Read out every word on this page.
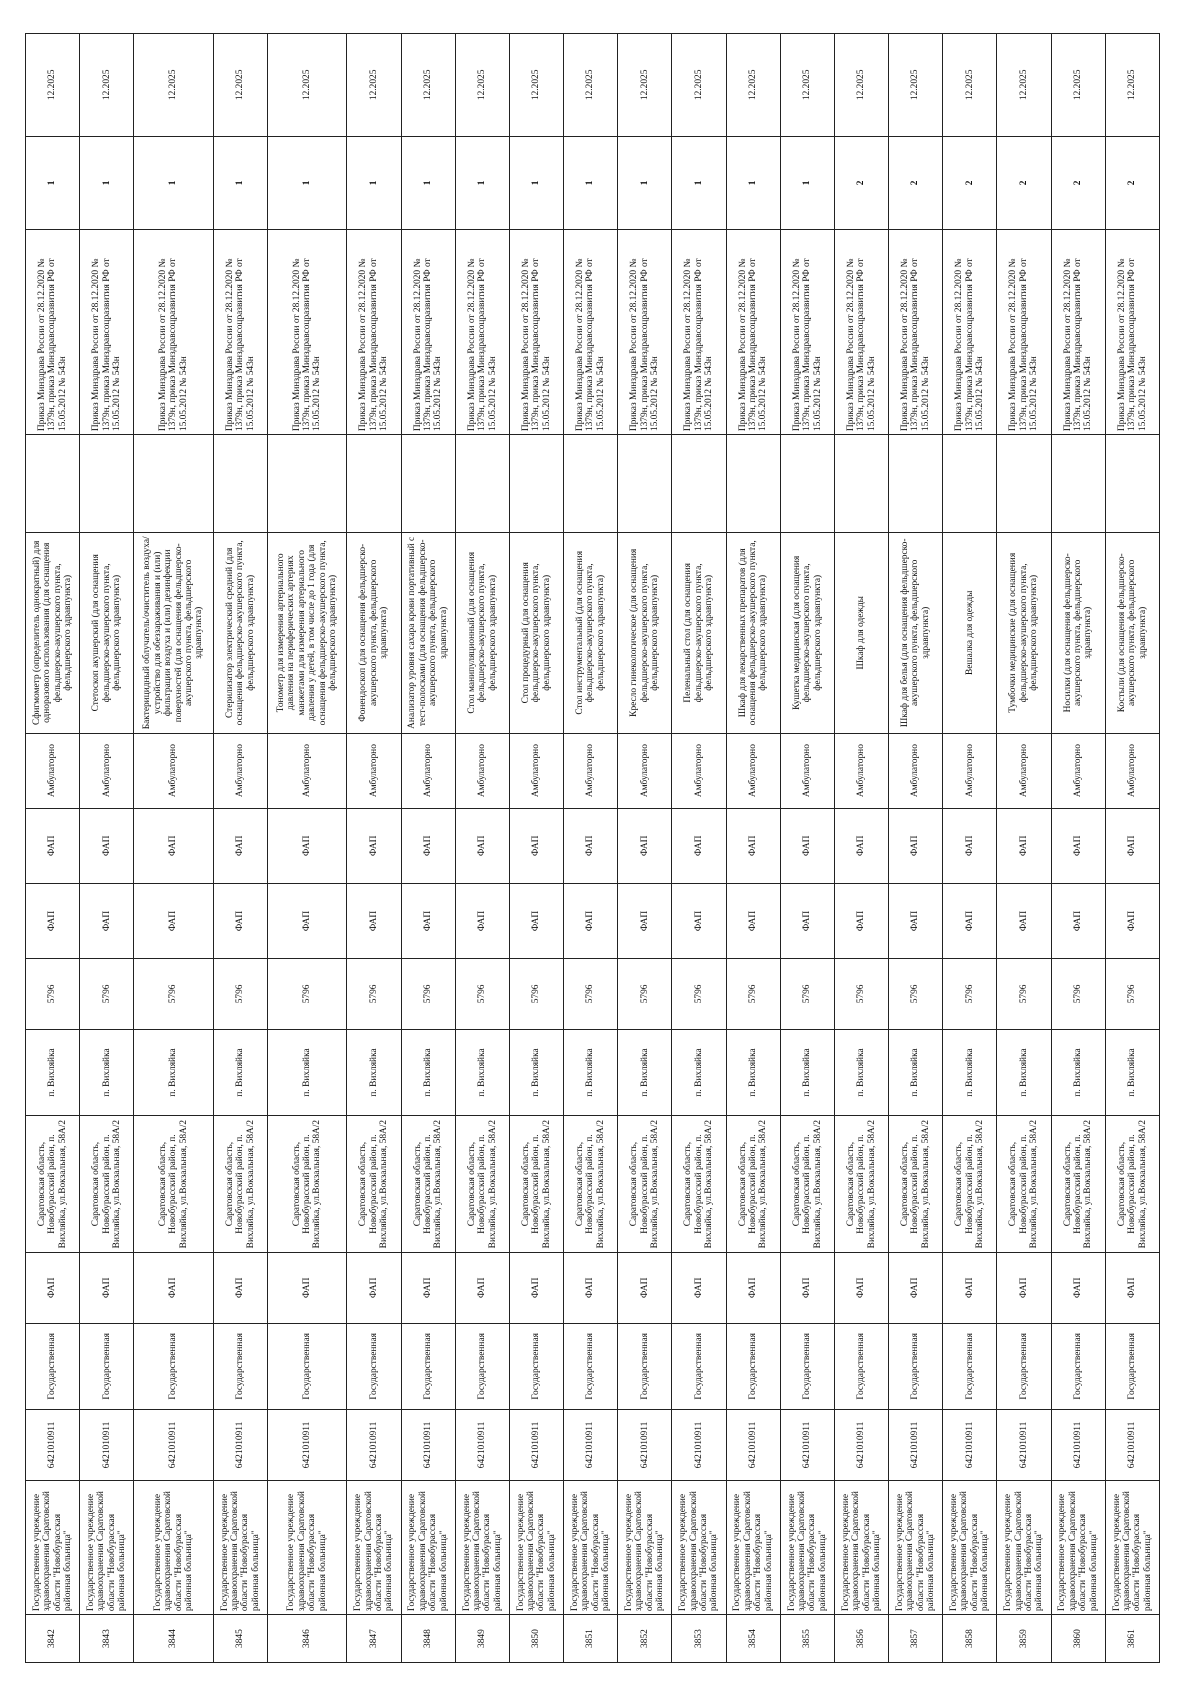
3842	Государственное учреждение здравоохранения Саратовской области "Новобурасская районная больница"	6421010911	Государственная	ФАП	Саратовская область, Новобурасский район, п. Вихляйка, ул.Вокзальная, 58А/2	п. Вихляйка	5796	ФАП	ФАП	Амбулаторно	Сфигмометр (определитель однократный) для одноразового использования (для оснащения фельдшерско-акушерского пункта, фельдшерского здравпункта)		Приказ Минздрава России от 28.12.2020 № 1379н, приказ Минздравсоцразвития РФ от 15.05.2012 № 543н	1	12.2025
3843	Государственное учреждение здравоохранения Саратовской области "Новобурасская районная больница"	6421010911	Государственная	ФАП	Саратовская область, Новобурасский район, п. Вихляйка, ул.Вокзальная, 58А/2	п. Вихляйка	5796	ФАП	ФАП	Амбулаторно	Стетоскоп акушерский (для оснащения фельдшерско-акушерского пункта, фельдшерского здравпункта)		Приказ Минздрава России от 28.12.2020 № 1379н, приказ Минздравсоцразвития РФ от 15.05.2012 № 543н	1	12.2025
3844	Государственное учреждение здравоохранения Саратовской области "Новобурасская районная больница"	6421010911	Государственная	ФАП	Саратовская область, Новобурасский район, п. Вихляйка, ул.Вокзальная, 58А/2	п. Вихляйка	5796	ФАП	ФАП	Амбулаторно	Бактерицидный облучатель/очиститель воздуха/устройство для обеззараживания и (или) фильтрации воздуха и (или) дезинфекции поверхностей (для оснащения фельдшерско-акушерского пункта, фельдшерского здравпункта)		Приказ Минздрава России от 28.12.2020 № 1379н, приказ Минздравсоцразвития РФ от 15.05.2012 № 543н	1	12.2025
3845	Государственное учреждение здравоохранения Саратовской области "Новобурасская районная больница"	6421010911	Государственная	ФАП	Саратовская область, Новобурасский район, п. Вихляйка, ул.Вокзальная, 58А/2	п. Вихляйка	5796	ФАП	ФАП	Амбулаторно	Стерилизатор электрический средний (для оснащения фельдшерско-акушерского пункта, фельдшерского здравпункта)		Приказ Минздрава России от 28.12.2020 № 1379н, приказ Минздравсоцразвития РФ от 15.05.2012 № 543н	1	12.2025
3846	Государственное учреждение здравоохранения Саратовской области "Новобурасская районная больница"	6421010911	Государственная	ФАП	Саратовская область, Новобурасский район, п. Вихляйка, ул.Вокзальная, 58А/2	п. Вихляйка	5796	ФАП	ФАП	Амбулаторно	Тонометр для измерения артериального давления на периферических артериях манжетами для измерения артериального давления у детей, в том числе до 1 года (для оснащения фельдшерско-акушерского пункта, фельдшерского здравпункта)		Приказ Минздрава России от 28.12.2020 № 1379н, приказ Минздравсоцразвития РФ от 15.05.2012 № 543н	1	12.2025
3847	Государственное учреждение здравоохранения Саратовской области "Новобурасская районная больница"	6421010911	Государственная	ФАП	Саратовская область, Новобурасский район, п. Вихляйка, ул.Вокзальная, 58А/2	п. Вихляйка	5796	ФАП	ФАП	Амбулаторно	Фонендоскоп (для оснащения фельдшерско-акушерского пункта, фельдшерского здравпункта)		Приказ Минздрава России от 28.12.2020 № 1379н, приказ Минздравсоцразвития РФ от 15.05.2012 № 543н	1	12.2025
3848	Государственное учреждение здравоохранения Саратовской области "Новобурасская районная больница"	6421010911	Государственная	ФАП	Саратовская область, Новобурасский район, п. Вихляйка, ул.Вокзальная, 58А/2	п. Вихляйка	5796	ФАП	ФАП	Амбулаторно	Анализатор уровня сахара крови портативный с тест-полосками (для оснащения фельдшерско-акушерского пункта, фельдшерского здравпункта)		Приказ Минздрава России от 28.12.2020 № 1379н, приказ Минздравсоцразвития РФ от 15.05.2012 № 543н	1	12.2025
3849	Государственное учреждение здравоохранения Саратовской области "Новобурасская районная больница"	6421010911	Государственная	ФАП	Саратовская область, Новобурасский район, п. Вихляйка, ул.Вокзальная, 58А/2	п. Вихляйка	5796	ФАП	ФАП	Амбулаторно	Стол манипуляционный (для оснащения фельдшерско-акушерского пункта, фельдшерского здравпункта)		Приказ Минздрава России от 28.12.2020 № 1379н, приказ Минздравсоцразвития РФ от 15.05.2012 № 543н	1	12.2025
3850	Государственное учреждение здравоохранения Саратовской области "Новобурасская районная больница"	6421010911	Государственная	ФАП	Саратовская область, Новобурасский район, п. Вихляйка, ул.Вокзальная, 58А/2	п. Вихляйка	5796	ФАП	ФАП	Амбулаторно	Стол процедурный (для оснащения фельдшерско-акушерского пункта, фельдшерского здравпункта)		Приказ Минздрава России от 28.12.2020 № 1379н, приказ Минздравсоцразвития РФ от 15.05.2012 № 543н	1	12.2025
3851	Государственное учреждение здравоохранения Саратовской области "Новобурасская районная больница"	6421010911	Государственная	ФАП	Саратовская область, Новобурасский район, п. Вихляйка, ул.Вокзальная, 58А/2	п. Вихляйка	5796	ФАП	ФАП	Амбулаторно	Стол инструментальный (для оснащения фельдшерско-акушерского пункта, фельдшерского здравпункта)		Приказ Минздрава России от 28.12.2020 № 1379н, приказ Минздравсоцразвития РФ от 15.05.2012 № 543н	1	12.2025
3852	Государственное учреждение здравоохранения Саратовской области "Новобурасская районная больница"	6421010911	Государственная	ФАП	Саратовская область, Новобурасский район, п. Вихляйка, ул.Вокзальная, 58А/2	п. Вихляйка	5796	ФАП	ФАП	Амбулаторно	Кресло гинекологическое (для оснащения фельдшерско-акушерского пункта, фельдшерского здравпункта)		Приказ Минздрава России от 28.12.2020 № 1379н, приказ Минздравсоцразвития РФ от 15.05.2012 № 543н	1	12.2025
3853	Государственное учреждение здравоохранения Саратовской области "Новобурасская районная больница"	6421010911	Государственная	ФАП	Саратовская область, Новобурасский район, п. Вихляйка, ул.Вокзальная, 58А/2	п. Вихляйка	5796	ФАП	ФАП	Амбулаторно	Пеленальный стол (для оснащения фельдшерско-акушерского пункта, фельдшерского здравпункта)		Приказ Минздрава России от 28.12.2020 № 1379н, приказ Минздравсоцразвития РФ от 15.05.2012 № 543н	1	12.2025
3854	Государственное учреждение здравоохранения Саратовской области "Новобурасская районная больница"	6421010911	Государственная	ФАП	Саратовская область, Новобурасский район, п. Вихляйка, ул.Вокзальная, 58А/2	п. Вихляйка	5796	ФАП	ФАП	Амбулаторно	Шкаф для лекарственных препаратов (для оснащения фельдшерско-акушерского пункта, фельдшерского здравпункта)		Приказ Минздрава России от 28.12.2020 № 1379н, приказ Минздравсоцразвития РФ от 15.05.2012 № 543н	1	12.2025
3855	Государственное учреждение здравоохранения Саратовской области "Новобурасская районная больница"	6421010911	Государственная	ФАП	Саратовская область, Новобурасский район, п. Вихляйка, ул.Вокзальная, 58А/2	п. Вихляйка	5796	ФАП	ФАП	Амбулаторно	Кушетка медицинская (для оснащения фельдшерско-акушерского пункта, фельдшерского здравпункта)		Приказ Минздрава России от 28.12.2020 № 1379н, приказ Минздравсоцразвития РФ от 15.05.2012 № 543н	1	12.2025
3856	Государственное учреждение здравоохранения Саратовской области "Новобурасская районная больница"	6421010911	Государственная	ФАП	Саратовская область, Новобурасский район, п. Вихляйка, ул.Вокзальная, 58А/2	п. Вихляйка	5796	ФАП	ФАП	Амбулаторно	Шкаф для одежды		Приказ Минздрава России от 28.12.2020 № 1379н, приказ Минздравсоцразвития РФ от 15.05.2012 № 543н	2	12.2025
3857	Государственное учреждение здравоохранения Саратовской области "Новобурасская районная больница"	6421010911	Государственная	ФАП	Саратовская область, Новобурасский район, п. Вихляйка, ул.Вокзальная, 58А/2	п. Вихляйка	5796	ФАП	ФАП	Амбулаторно	Шкаф для белья (для оснащения фельдшерско-акушерского пункта, фельдшерского здравпункта)		Приказ Минздрава России от 28.12.2020 № 1379н, приказ Минздравсоцразвития РФ от 15.05.2012 № 543н	2	12.2025
3858	Государственное учреждение здравоохранения Саратовской области "Новобурасская районная больница"	6421010911	Государственная	ФАП	Саратовская область, Новобурасский район, п. Вихляйка, ул.Вокзальная, 58А/2	п. Вихляйка	5796	ФАП	ФАП	Амбулаторно	Вешалка для одежды		Приказ Минздрава России от 28.12.2020 № 1379н, приказ Минздравсоцразвития РФ от 15.05.2012 № 543н	2	12.2025
3859	Государственное учреждение здравоохранения Саратовской области "Новобурасская районная больница"	6421010911	Государственная	ФАП	Саратовская область, Новобурасский район, п. Вихляйка, ул.Вокзальная, 58А/2	п. Вихляйка	5796	ФАП	ФАП	Амбулаторно	Тумбочки медицинские (для оснащения фельдшерско-акушерского пункта, фельдшерского здравпункта)		Приказ Минздрава России от 28.12.2020 № 1379н, приказ Минздравсоцразвития РФ от 15.05.2012 № 543н	2	12.2025
3860	Государственное учреждение здравоохранения Саратовской области "Новобурасская районная больница"	6421010911	Государственная	ФАП	Саратовская область, Новобурасский район, п. Вихляйка, ул.Вокзальная, 58А/2	п. Вихляйка	5796	ФАП	ФАП	Амбулаторно	Носилки (для оснащения фельдшерско-акушерского пункта, фельдшерского здравпункта)		Приказ Минздрава России от 28.12.2020 № 1379н, приказ Минздравсоцразвития РФ от 15.05.2012 № 543н	2	12.2025
3861	Государственное учреждение здравоохранения Саратовской области "Новобурасская районная больница"	6421010911	Государственная	ФАП	Саратовская область, Новобурасский район, п. Вихляйка, ул.Вокзальная, 58А/2	п. Вихляйка	5796	ФАП	ФАП	Амбулаторно	Костыли (для оснащения фельдшерско-акушерского пункта, фельдшерского здравпункта)		Приказ Минздрава России от 28.12.2020 № 1379н, приказ Минздравсоцразвития РФ от 15.05.2012 № 543н	2	12.2025
